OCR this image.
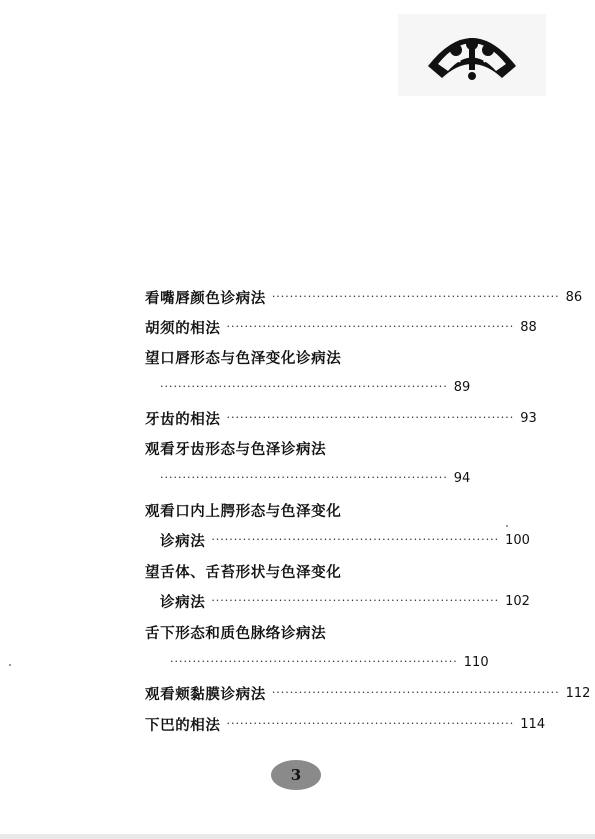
看嘴唇颜色诊病法 ································································ 86
胡须的相法 ································································ 88
望口唇形态与色泽变化诊病法
································································ 89
牙齿的相法 ································································ 93
观看牙齿形态与色泽诊病法
································································ 94
观看口内上腭形态与色泽变化
诊病法 ································································ 100
望舌体、舌苔形状与色泽变化
诊病法 ································································ 102
舌下形态和质色脉络诊病法
································································ 110
观看颊黏膜诊病法 ································································ 112
下巴的相法 ································································ 114
3
